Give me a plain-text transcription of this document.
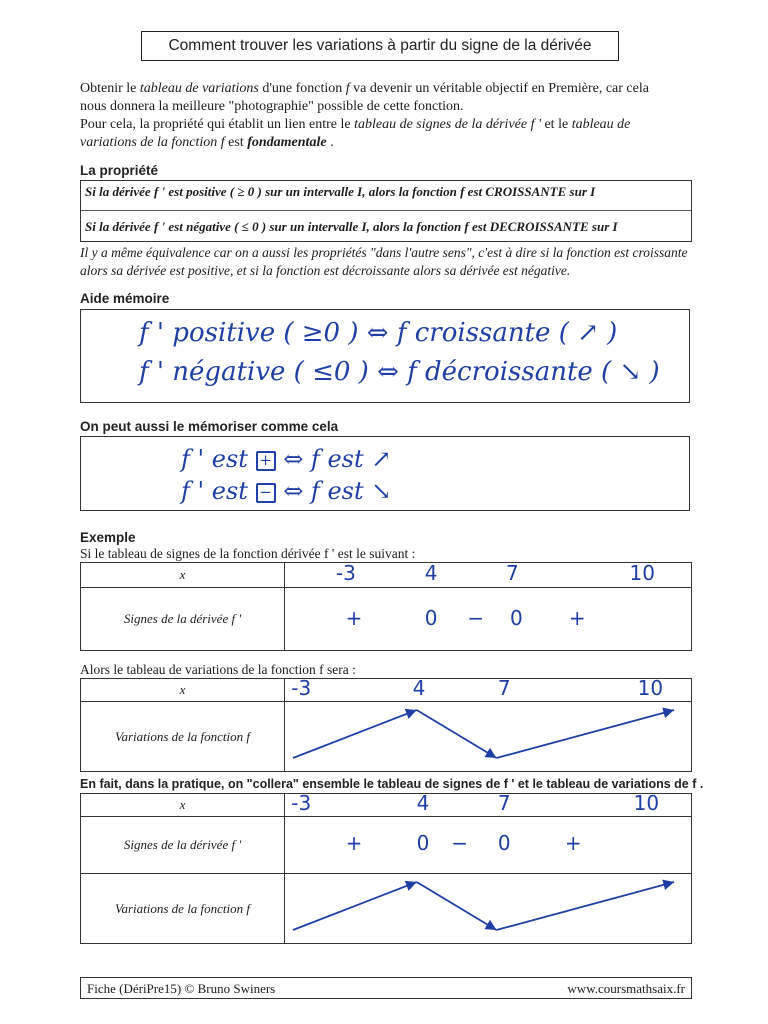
Comment trouver les variations à partir du signe de la dérivée

Obtenir le tableau de variations d'une fonction f va devenir un véritable objectif en Première, car cela

nous donnera la meilleure "photographie" possible de cette fonction.

Pour cela, la propriété qui établit un lien entre le tableau de signes de la dérivée f ' et le tableau de

variations de la fonction f est fondamentale .

La propriété
Si la dérivée f ' est positive ( ≥ 0 ) sur un intervalle I, alors la fonction f est CROISSANTE sur I
Si la dérivée f ' est négative ( ≤ 0 ) sur un intervalle I, alors la fonction f est DECROISSANTE sur I
Il y a même équivalence car on a aussi les propriétés "dans l'autre sens", c'est à dire si la fonction est croissante alors sa dérivée est positive, et si la fonction est décroissante alors sa dérivée est négative.
Aide mémoire
f ' positive ( ≥0 ) ⇔ f croissante ( ↗ )
f ' négative ( ≤0 ) ⇔ f décroissante ( ↘ )
On peut aussi le mémoriser comme cela
f ' est + ⇔ f est ↗
f ' est − ⇔ f est ↘
Exemple
Si le tableau de signes de la fonction dérivée f ' est le suivant :
x	-3 4 7 10

Signes de la dérivée f '	+ 0 − 0 +
Alors le tableau de variations de la fonction f sera :
x	-3 4 7 10

Variations de la fonction f	
En fait, dans la pratique, on "collera" ensemble le tableau de signes de f ' et le tableau de variations de f .
x	-3 4 7 10

Signes de la dérivée f '	+ 0 − 0 +

Variations de la fonction f	
Fiche (DériPre15) © Bruno Swiners	www.coursmathsaix.fr
